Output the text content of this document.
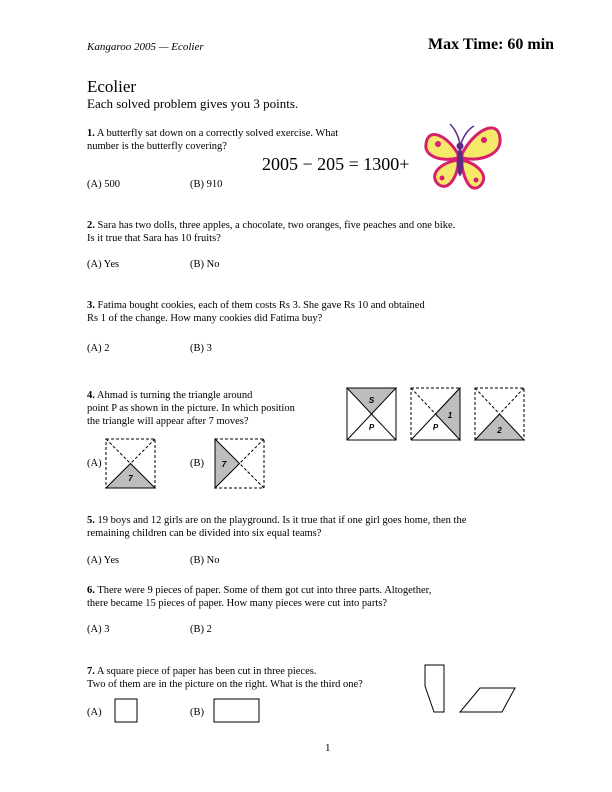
Kangaroo 2005 — Ecolier	Max Time: 60 min
Ecolier
Each solved problem gives you 3 points.
1. A butterfly sat down on a correctly solved exercise. What
number is the butterfly covering?
2005 − 205 = 1300+
(A) 500	(B) 910
2. Sara has two dolls, three apples, a chocolate, two oranges, five peaches and one bike.
Is it true that Sara has 10 fruits?
(A) Yes	(B) No
3. Fatima bought cookies, each of them costs Rs 3. She gave Rs 10 and obtained
Rs 1 of the change. How many cookies did Fatima buy?
(A) 2	(B) 3
4. Ahmad is turning the triangle around
point P as shown in the picture. In which position
the triangle will appear after 7 moves?
S
P
1
P	2
(A)
7
(B) 7
5. 19 boys and 12 girls are on the playground. Is it true that if one girl goes home, then the
remaining children can be divided into six equal teams?
(A) Yes	(B) No
6. There were 9 pieces of paper. Some of them got cut into three parts. Altogether,
there became 15 pieces of paper. How many pieces were cut into parts?
(A) 3	(B) 2
7. A square piece of paper has been cut in three pieces.
Two of them are in the picture on the right. What is the third one?
(A)	(B)
1
